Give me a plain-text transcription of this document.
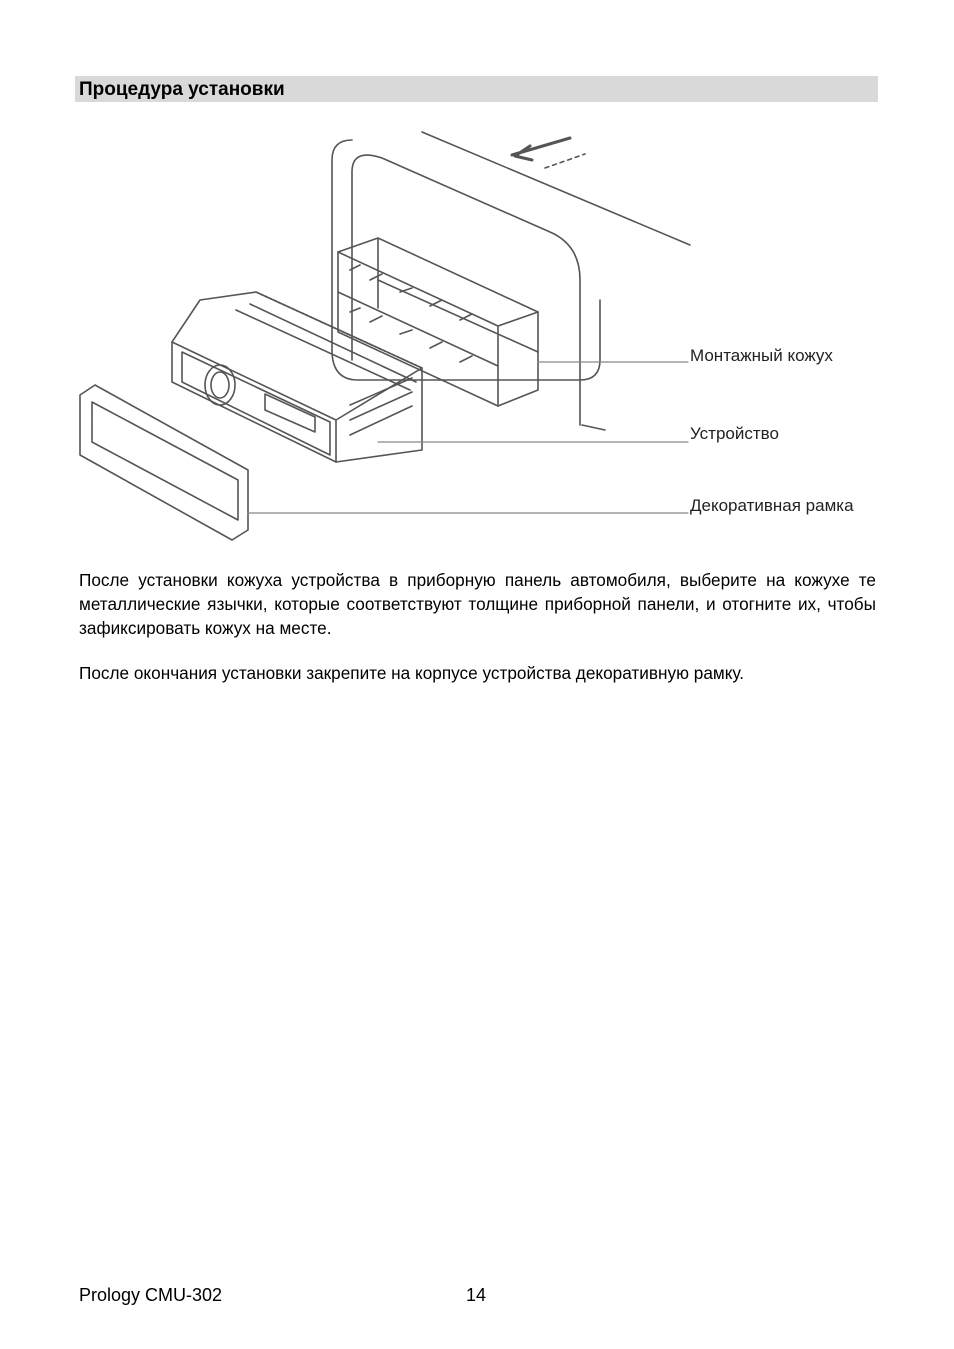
Процедура установки
Монтажный кожух
Устройство
Декоративная рамка

После установки кожуха устройства в приборную панель автомобиля, выберите на кожухе те металлические язычки, которые соответствуют толщине приборной панели, и отогните их, чтобы зафиксировать кожух на месте.

После окончания установки закрепите на корпусе устройства декоративную рамку.

Prology CMU-302	14
